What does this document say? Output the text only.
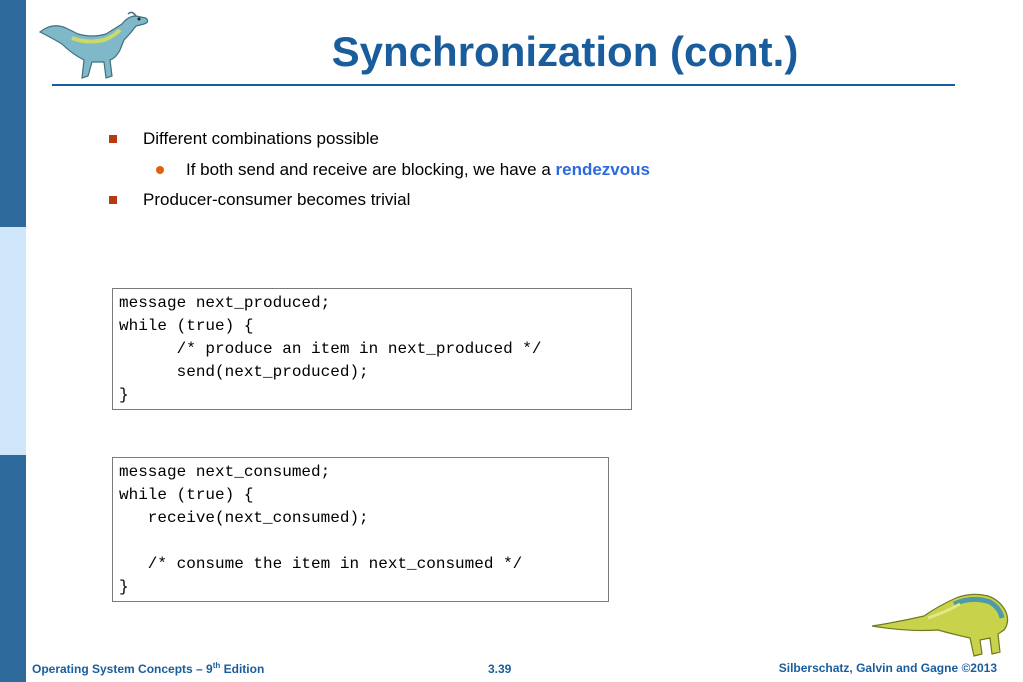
Synchronization (cont.)
Different combinations possible
If both send and receive are blocking, we have a rendezvous
Producer-consumer becomes trivial
message next_produced;
while (true) {
/* produce an item in next_produced */
send(next_produced);
}
message next_consumed;
while (true) {
receive(next_consumed);

/* consume the item in next_consumed */
}
Operating System Concepts – 9th Edition	3.39	Silberschatz, Galvin and Gagne ©2013
